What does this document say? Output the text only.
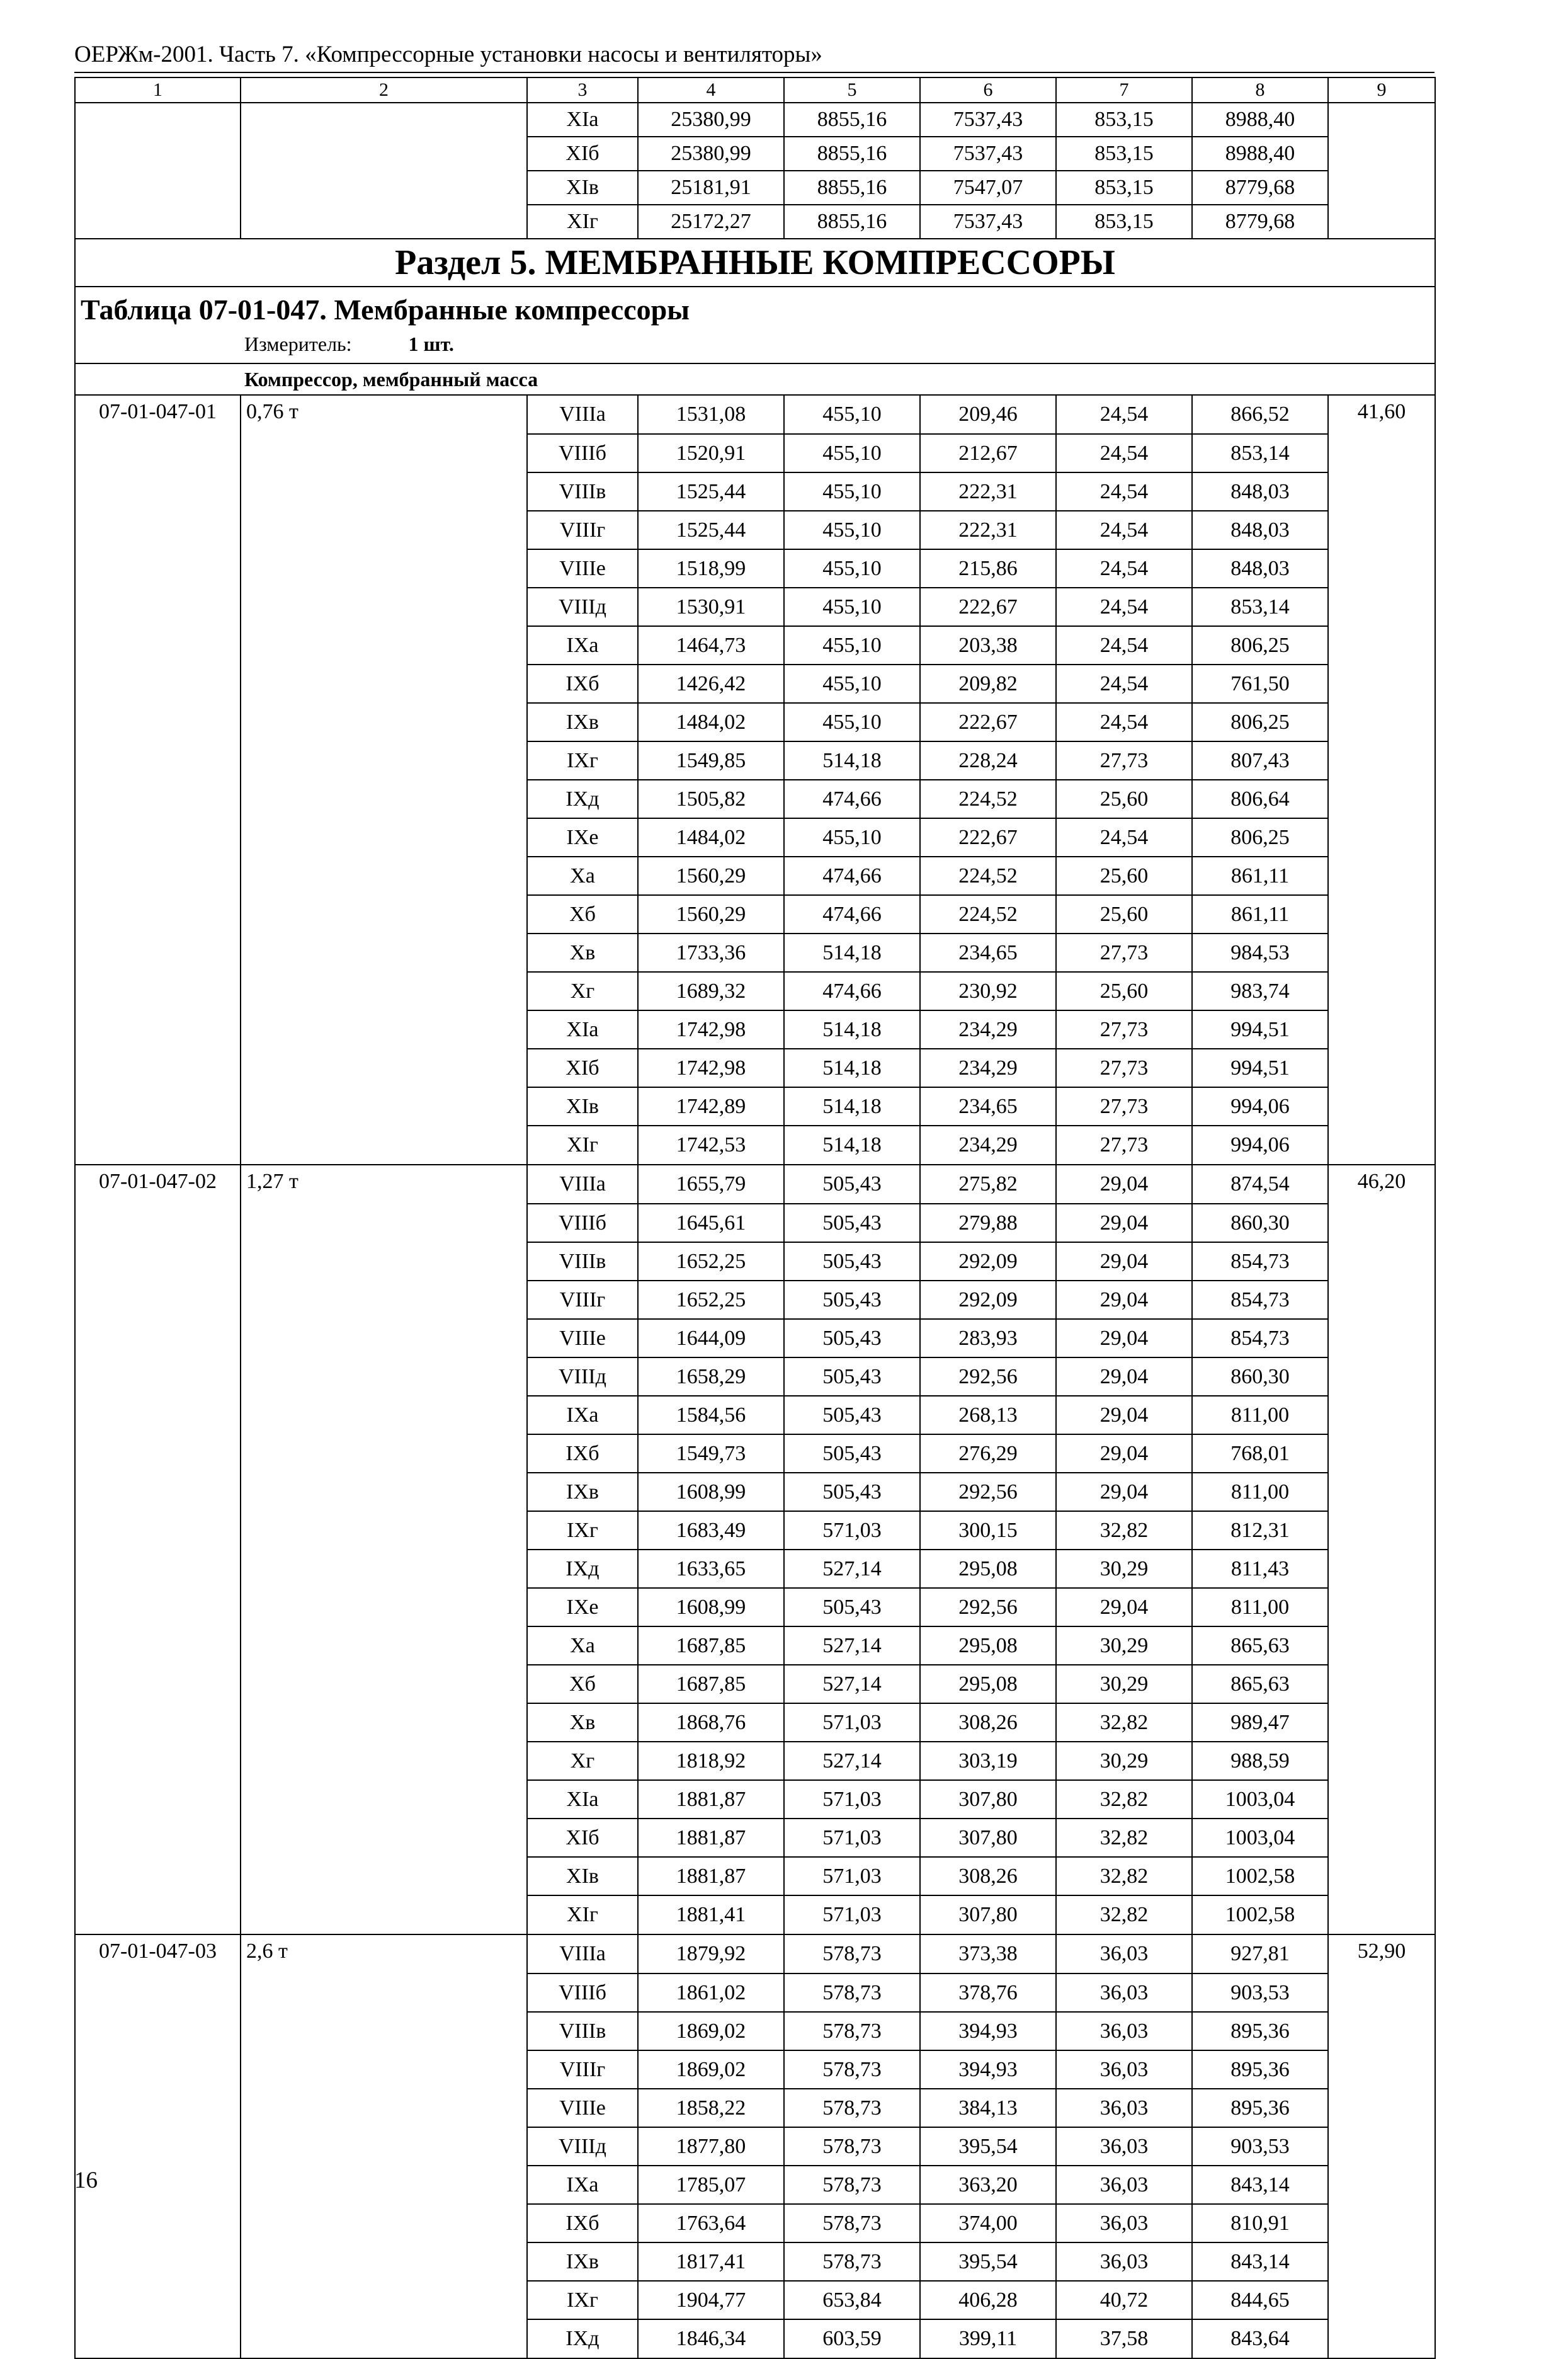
ОЕРЖм-2001. Часть 7. «Компрессорные установки насосы и вентиляторы»
1	2	3	4	5	6	7	8	9
		XIa	25380,99	8855,16	7537,43	853,15	8988,40	
		XIб	25380,99	8855,16	7537,43	853,15	8988,40	
		XIв	25181,91	8855,16	7547,07	853,15	8779,68	
		XIг	25172,27	8855,16	7537,43	853,15	8779,68	
Раздел 5. МЕМБРАННЫЕ КОМПРЕССОРЫ								

Таблица 07-01-047. Мембранные компрессоры
Измеритель: 1 шт.								

Компрессор, мембранный масса								
07-01-047-01	0,76 т	VIIIa	1531,08	455,10	209,46	24,54	866,52	41,60
		VIIIб	1520,91	455,10	212,67	24,54	853,14	
		VIIIв	1525,44	455,10	222,31	24,54	848,03	
		VIIIг	1525,44	455,10	222,31	24,54	848,03	
		VIIIe	1518,99	455,10	215,86	24,54	848,03	
		VIIIд	1530,91	455,10	222,67	24,54	853,14	
		IXa	1464,73	455,10	203,38	24,54	806,25	
		IXб	1426,42	455,10	209,82	24,54	761,50	
		IXв	1484,02	455,10	222,67	24,54	806,25	
		IXг	1549,85	514,18	228,24	27,73	807,43	
		IXд	1505,82	474,66	224,52	25,60	806,64	
		IXe	1484,02	455,10	222,67	24,54	806,25	
		Xa	1560,29	474,66	224,52	25,60	861,11	
		Xб	1560,29	474,66	224,52	25,60	861,11	
		Xв	1733,36	514,18	234,65	27,73	984,53	
		Xг	1689,32	474,66	230,92	25,60	983,74	
		XIa	1742,98	514,18	234,29	27,73	994,51	
		XIб	1742,98	514,18	234,29	27,73	994,51	
		XIв	1742,89	514,18	234,65	27,73	994,06	
		XIг	1742,53	514,18	234,29	27,73	994,06	
07-01-047-02	1,27 т	VIIIa	1655,79	505,43	275,82	29,04	874,54	46,20
		VIIIб	1645,61	505,43	279,88	29,04	860,30	
		VIIIв	1652,25	505,43	292,09	29,04	854,73	
		VIIIг	1652,25	505,43	292,09	29,04	854,73	
		VIIIe	1644,09	505,43	283,93	29,04	854,73	
		VIIIд	1658,29	505,43	292,56	29,04	860,30	
		IXa	1584,56	505,43	268,13	29,04	811,00	
		IXб	1549,73	505,43	276,29	29,04	768,01	
		IXв	1608,99	505,43	292,56	29,04	811,00	
		IXг	1683,49	571,03	300,15	32,82	812,31	
		IXд	1633,65	527,14	295,08	30,29	811,43	
		IXe	1608,99	505,43	292,56	29,04	811,00	
		Xa	1687,85	527,14	295,08	30,29	865,63	
		Xб	1687,85	527,14	295,08	30,29	865,63	
		Xв	1868,76	571,03	308,26	32,82	989,47	
		Xг	1818,92	527,14	303,19	30,29	988,59	
		XIa	1881,87	571,03	307,80	32,82	1003,04	
		XIб	1881,87	571,03	307,80	32,82	1003,04	
		XIв	1881,87	571,03	308,26	32,82	1002,58	
		XIг	1881,41	571,03	307,80	32,82	1002,58	
07-01-047-03	2,6 т	VIIIa	1879,92	578,73	373,38	36,03	927,81	52,90
		VIIIб	1861,02	578,73	378,76	36,03	903,53	
		VIIIв	1869,02	578,73	394,93	36,03	895,36	
		VIIIг	1869,02	578,73	394,93	36,03	895,36	
		VIIIe	1858,22	578,73	384,13	36,03	895,36	
		VIIIд	1877,80	578,73	395,54	36,03	903,53	
		IXa	1785,07	578,73	363,20	36,03	843,14	
		IXб	1763,64	578,73	374,00	36,03	810,91	
		IXв	1817,41	578,73	395,54	36,03	843,14	
		IXг	1904,77	653,84	406,28	40,72	844,65	
		IXд	1846,34	603,59	399,11	37,58	843,64	
16
